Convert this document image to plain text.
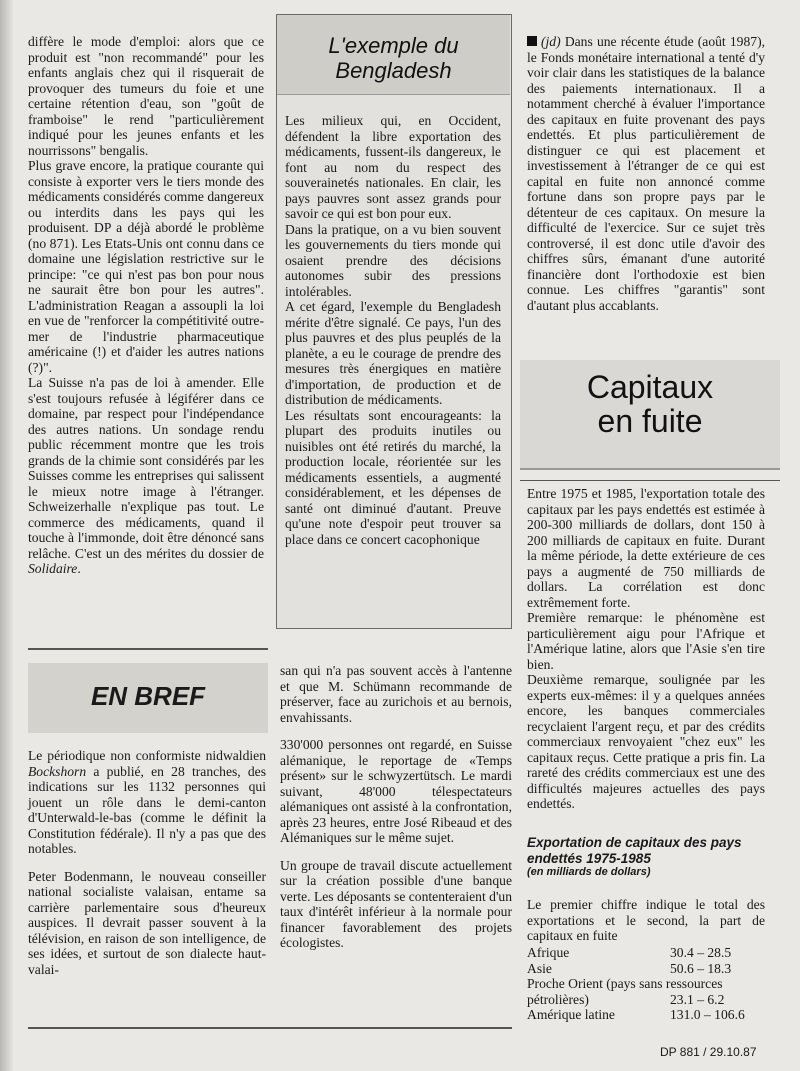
diffère le mode d'emploi: alors que ce produit est "non recommandé" pour les enfants anglais chez qui il risquerait de provoquer des tumeurs du foie et une certaine rétention d'eau, son "goût de framboise" le rend "particulièrement indiqué pour les jeunes enfants et les nourrissons" bengalis.

Plus grave encore, la pratique courante qui consiste à exporter vers le tiers monde des médicaments considérés comme dangereux ou interdits dans les pays qui les produisent. DP a déjà abordé le problème (no 871). Les Etats-Unis ont connu dans ce domaine une législation restrictive sur le principe: "ce qui n'est pas bon pour nous ne saurait être bon pour les autres". L'administration Reagan a assoupli la loi en vue de "renforcer la compétitivité outre-mer de l'industrie pharmaceutique américaine (!) et d'aider les autres nations (?)".

La Suisse n'a pas de loi à amender. Elle s'est toujours refusée à légiférer dans ce domaine, par respect pour l'indépendance des autres nations. Un sondage rendu public récemment montre que les trois grands de la chimie sont considérés par les Suisses comme les entreprises qui salissent le mieux notre image à l'étranger. Schweizerhalle n'explique pas tout. Le commerce des médicaments, quand il touche à l'immonde, doit être dénoncé sans relâche. C'est un des mérites du dossier de Solidaire.

L'exemple du Bengladesh

Les milieux qui, en Occident, défendent la libre exportation des médicaments, fussent-ils dangereux, le font au nom du respect des souverainetés nationales. En clair, les pays pauvres sont assez grands pour savoir ce qui est bon pour eux.

Dans la pratique, on a vu bien souvent les gouvernements du tiers monde qui osaient prendre des décisions autonomes subir des pressions intolérables.

A cet égard, l'exemple du Bengladesh mérite d'être signalé. Ce pays, l'un des plus pauvres et des plus peuplés de la planète, a eu le courage de prendre des mesures très énergiques en matière d'importation, de production et de distribution de médicaments.

Les résultats sont encourageants: la plupart des produits inutiles ou nuisibles ont été retirés du marché, la production locale, réorientée sur les médicaments essentiels, a augmenté considérablement, et les dépenses de santé ont diminué d'autant. Preuve qu'une note d'espoir peut trouver sa place dans ce concert cacophonique

(jd) Dans une récente étude (août 1987), le Fonds monétaire international a tenté d'y voir clair dans les statistiques de la balance des paiements internationaux. Il a notamment cherché à évaluer l'importance des capitaux en fuite provenant des pays endettés. Et plus particulièrement de distinguer ce qui est placement et investissement à l'étranger de ce qui est capital en fuite non annoncé comme fortune dans son propre pays par le détenteur de ces capitaux. On mesure la difficulté de l'exercice. Sur ce sujet très controversé, il est donc utile d'avoir des chiffres sûrs, émanant d'une autorité financière dont l'orthodoxie est bien connue. Les chiffres "garantis" sont d'autant plus accablants.

Capitaux
en fuite

Entre 1975 et 1985, l'exportation totale des capitaux par les pays endettés est estimée à 200-300 milliards de dollars, dont 150 à 200 milliards de capitaux en fuite. Durant la même période, la dette extérieure de ces pays a augmenté de 750 milliards de dollars. La corrélation est donc extrêmement forte.

Première remarque: le phénomène est particulièrement aigu pour l'Afrique et l'Amérique latine, alors que l'Asie s'en tire bien.

Deuxième remarque, soulignée par les experts eux-mêmes: il y a quelques années encore, les banques commerciales recyclaient l'argent reçu, et par des crédits commerciaux renvoyaient "chez eux" les capitaux reçus. Cette pratique a pris fin. La rareté des crédits commerciaux est une des difficultés majeures actuelles des pays endettés.

Exportation de capitaux des pays endettés 1975-1985
(en milliards de dollars)

Le premier chiffre indique le total des exportations et le second, la part de capitaux en fuite

Afrique	30.4 – 28.5
Asie	50.6 – 18.3
Proche Orient (pays sans ressources
pétrolières)	23.1 – 6.2
Amérique latine	131.0 – 106.6
DP 881 / 29.10.87
EN BREF

Le périodique non conformiste nidwaldien Bockshorn a publié, en 28 tranches, des indications sur les 1132 personnes qui jouent un rôle dans le demi-canton d'Unterwald-le-bas (comme le définit la Constitution fédérale). Il n'y a pas que des notables.

Peter Bodenmann, le nouveau conseiller national socialiste valaisan, entame sa carrière parlementaire sous d'heureux auspices. Il devrait passer souvent à la télévision, en raison de son intelligence, de ses idées, et surtout de son dialecte haut-valai-

san qui n'a pas souvent accès à l'antenne et que M. Schümann recommande de préserver, face au zurichois et au bernois, envahissants.

330'000 personnes ont regardé, en Suisse alémanique, le reportage de «Temps présent» sur le schwyzertütsch. Le mardi suivant, 48'000 télespectateurs alémaniques ont assisté à la confrontation, après 23 heures, entre José Ribeaud et des Alémaniques sur le même sujet.

Un groupe de travail discute actuellement sur la création possible d'une banque verte. Les déposants se contenteraient d'un taux d'intérêt inférieur à la normale pour financer favorablement des projets écologistes.
